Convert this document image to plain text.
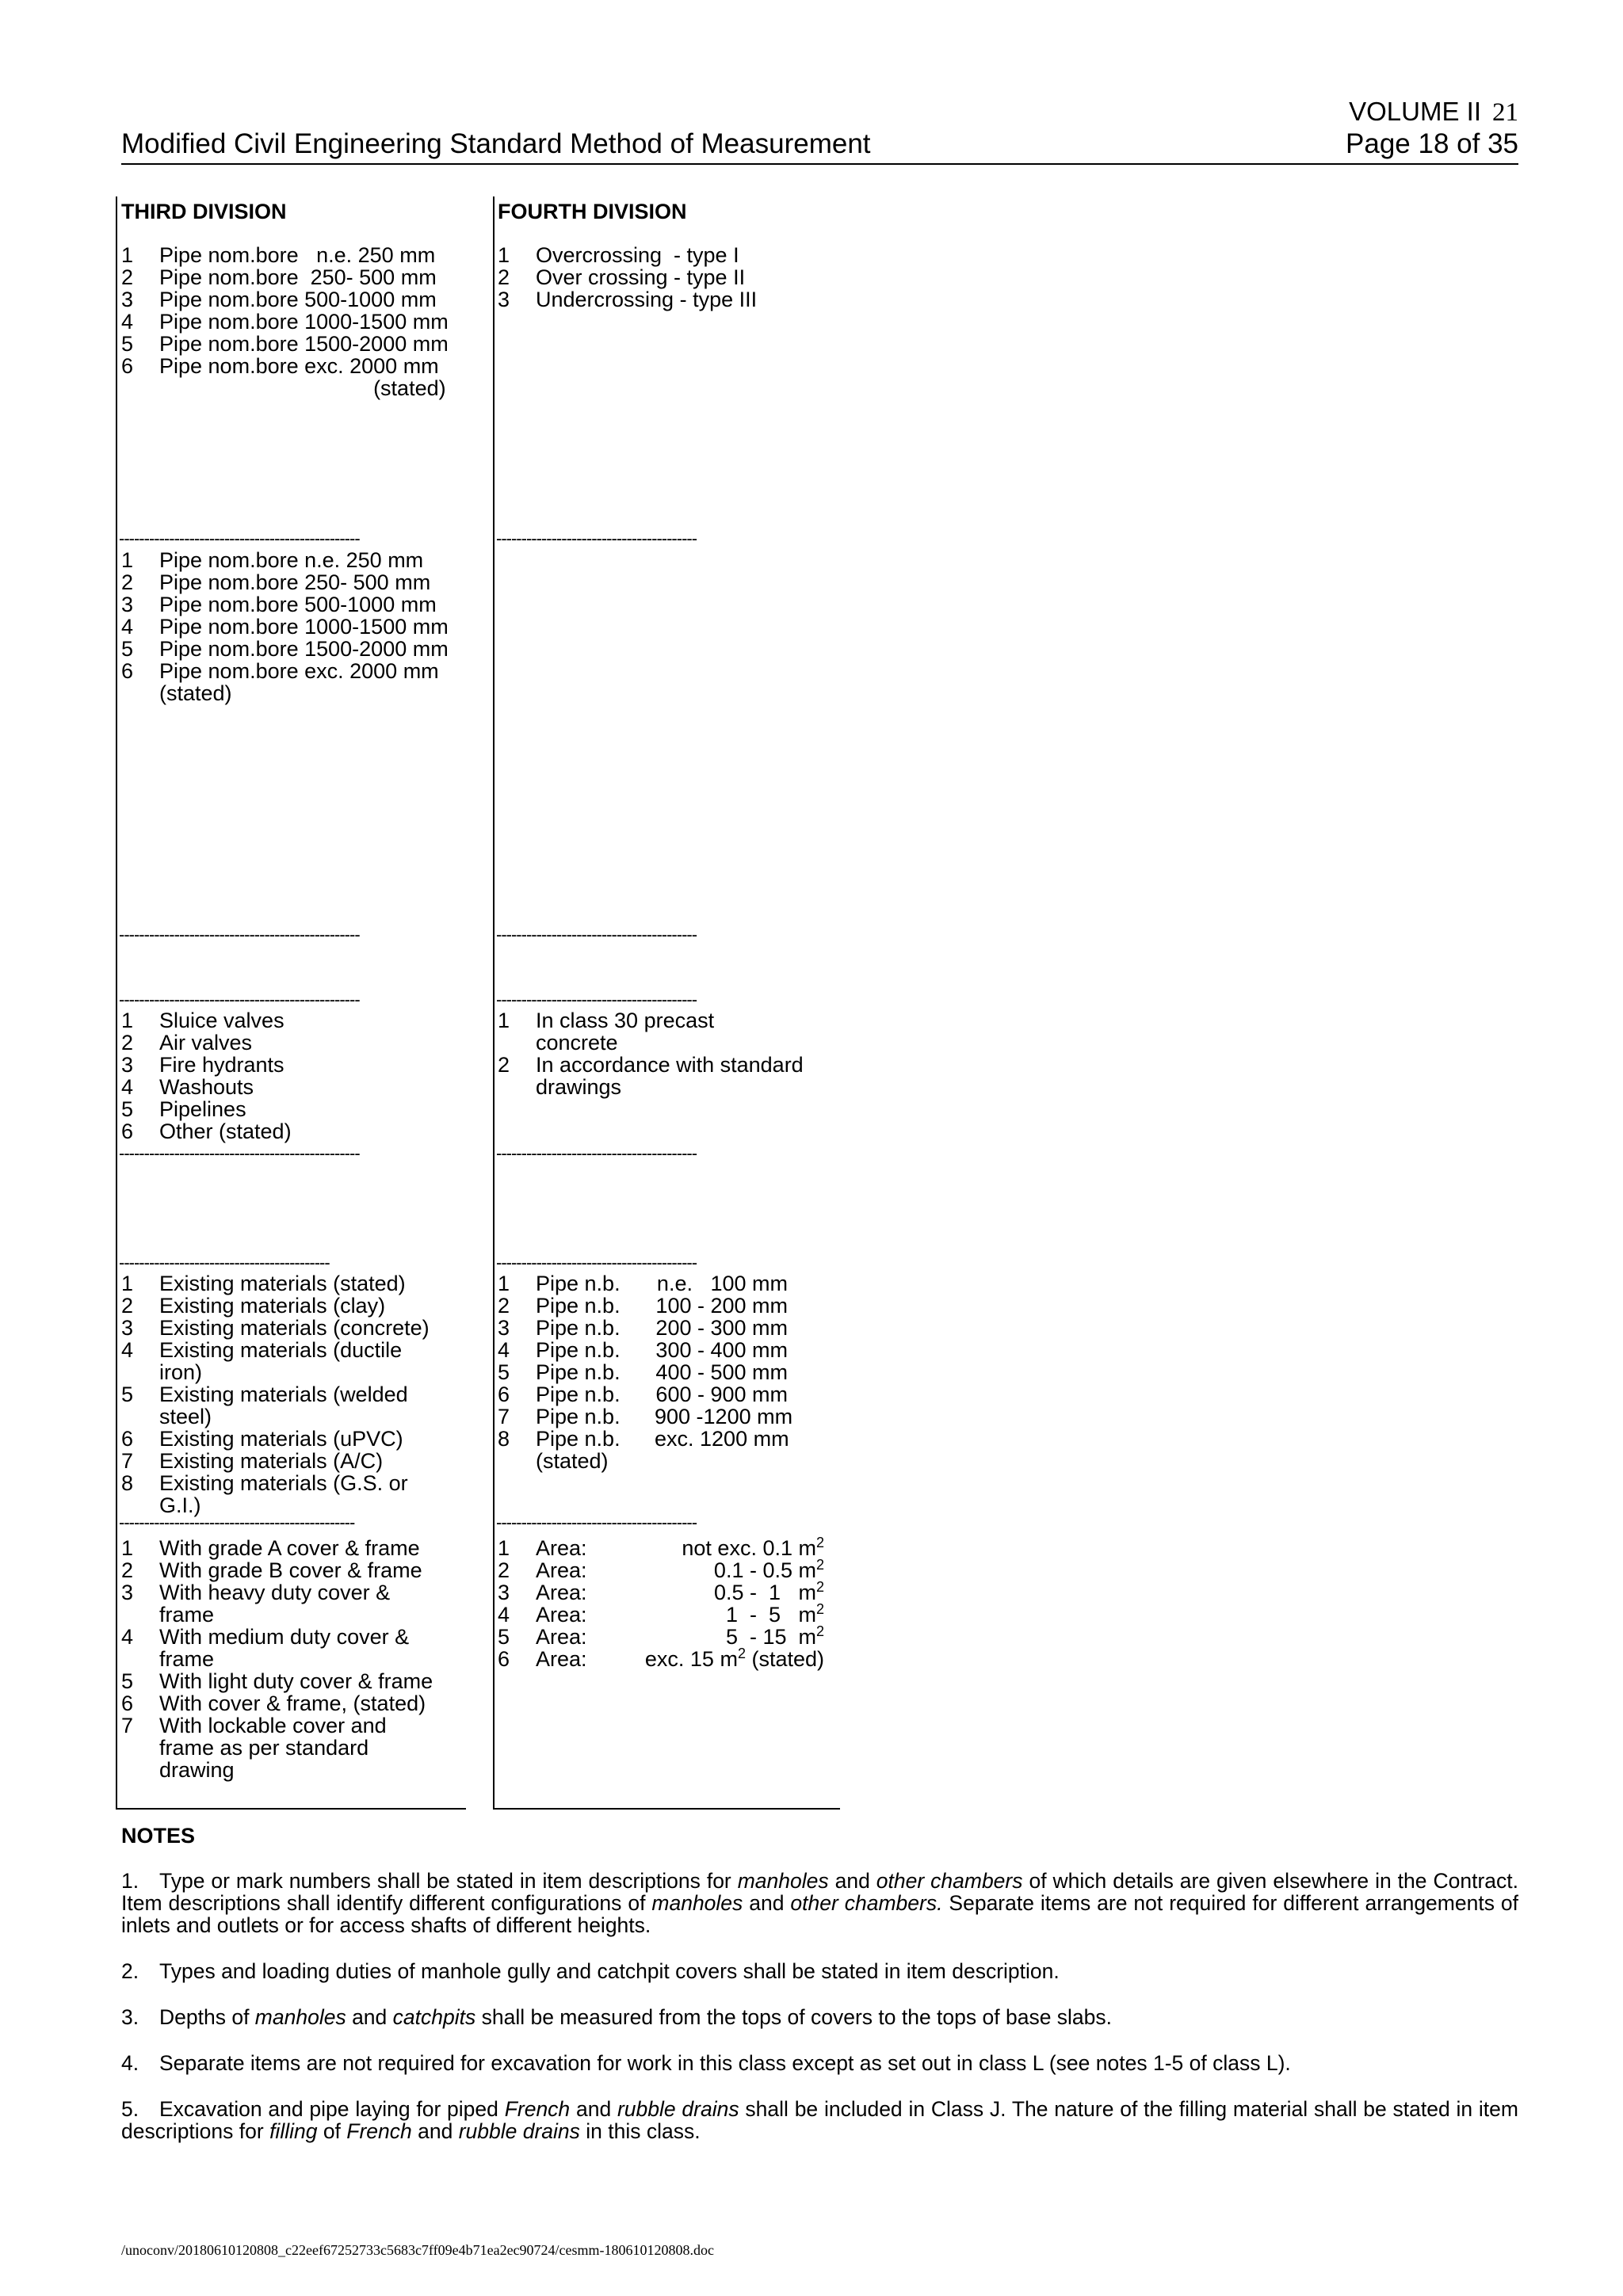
VOLUME II 21
Modified Civil Engineering Standard Method of Measurement	Page 18 of 35
THIRD DIVISION	FOURTH DIVISION
1	Pipe nom.bore   n.e. 250 mm
2	Pipe nom.bore  250- 500 mm
3	Pipe nom.bore 500-1000 mm
4	Pipe nom.bore 1000-1500 mm
5	Pipe nom.bore 1500-2000 mm
6	Pipe nom.bore exc. 2000 mm
(stated)
1	Overcrossing  - type I
2	Over crossing - type II
3	Undercrossing - type III
------------------------------------------------	----------------------------------------
1	Pipe nom.bore n.e. 250 mm
2	Pipe nom.bore 250- 500 mm
3	Pipe nom.bore 500-1000 mm
4	Pipe nom.bore 1000-1500 mm
5	Pipe nom.bore 1500-2000 mm
6	Pipe nom.bore exc. 2000 mm
(stated)
------------------------------------------------	----------------------------------------
------------------------------------------------	----------------------------------------
1	Sluice valves
2	Air valves
3	Fire hydrants
4	Washouts
5	Pipelines
6	Other (stated)
1	In class 30 precast
concrete
2	In accordance with standard
drawings
------------------------------------------------	----------------------------------------
------------------------------------------	----------------------------------------
1	Existing materials (stated)
2	Existing materials (clay)
3	Existing materials (concrete)
4	Existing materials (ductile
iron)
5	Existing materials (welded
steel)
6	Existing materials (uPVC)
7	Existing materials (A/C)
8	Existing materials (G.S. or
G.I.)
1	Pipe n.b.	n.e.   100 mm
2	Pipe n.b.	100 - 200 mm
3	Pipe n.b.	200 - 300 mm
4	Pipe n.b.	300 - 400 mm
5	Pipe n.b.	400 - 500 mm
6	Pipe n.b.	600 - 900 mm
7	Pipe n.b.	900 -1200 mm
8	Pipe n.b.	exc. 1200 mm
(stated)
-----------------------------------------------	----------------------------------------
1	With grade A cover & frame
2	With grade B cover & frame
3	With heavy duty cover &
frame
4	With medium duty cover &
frame
5	With light duty cover & frame
6	With cover & frame, (stated)
7	With lockable cover and
frame as per standard
drawing
1	Area:	not exc. 0.1 $m^2$
2	Area:	0.1 - 0.5 $m^2$
3	Area:	0.5 -  1   $m^2$
4	Area:	1  -  5   $m^2$
5	Area:	5  - 15  $m^2$
6	Area:	exc. 15 $m^2$ (stated)
NOTES
1. Type or mark numbers shall be stated in item descriptions for manholes and other chambers of which details are given elsewhere in the Contract. Item descriptions shall identify different configurations of manholes and other chambers. Separate items are not required for different arrangements of inlets and outlets or for access shafts of different heights.
2. Types and loading duties of manhole gully and catchpit covers shall be stated in item description.
3. Depths of manholes and catchpits shall be measured from the tops of covers to the tops of base slabs.
4. Separate items are not required for excavation for work in this class except as set out in class L (see notes 1-5 of class L).
5. Excavation and pipe laying for piped French and rubble drains shall be included in Class J. The nature of the filling material shall be stated in item descriptions for filling of French and rubble drains in this class.
/unoconv/20180610120808_c22eef67252733c5683c7ff09e4b71ea2ec90724/cesmm-180610120808.doc
